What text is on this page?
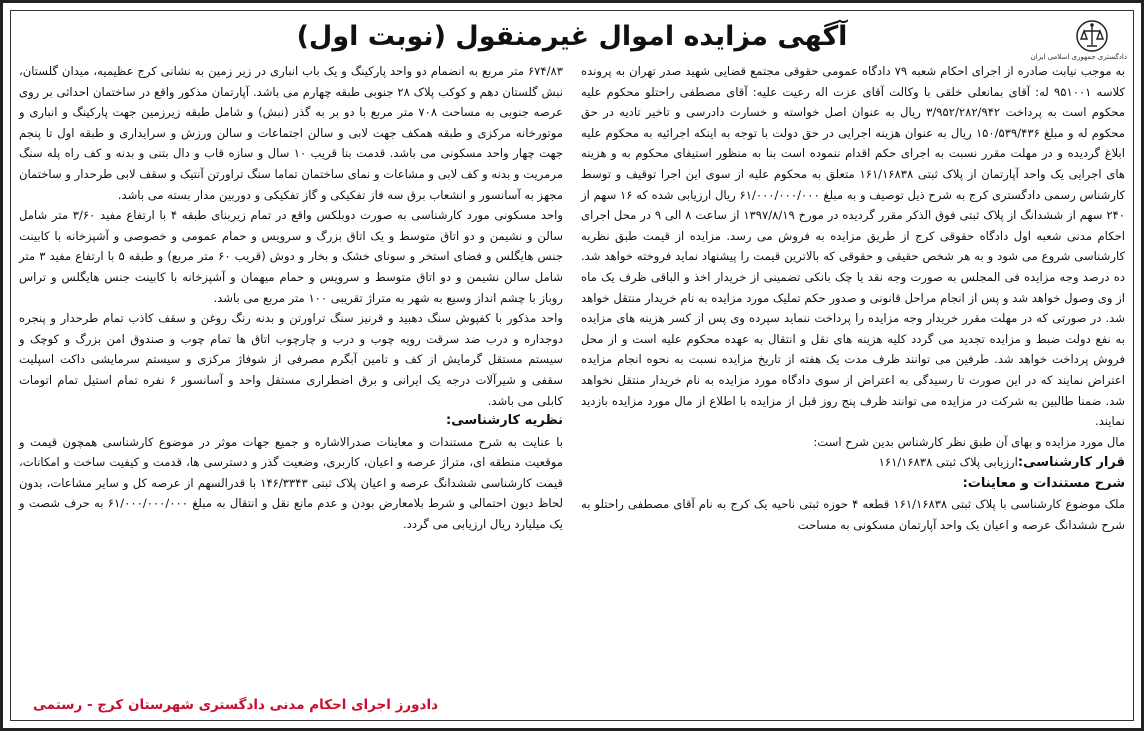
دادگستری جمهوری اسلامی ایران
آگهی مزایده اموال غیرمنقول (نوبت اول)

به موجب نیابت صادره از اجرای احکام شعبه ۷۹ دادگاه عمومی حقوقی مجتمع قضایی شهید صدر تهران به پرونده کلاسه ۹۵۱۰۰۱ له: آقای بمانعلی خلقی با وکالت آقای عزت اله رعیت علیه: آقای مصطفی راحتلو محکوم علیه محکوم است به پرداخت ۳/۹۵۲/۲۸۲/۹۴۲ ریال به عنوان اصل خواسته و خسارت دادرسی و تاخیر تادیه در حق محکوم له و مبلغ ۱۵۰/۵۳۹/۴۳۶ ریال به عنوان هزینه اجرایی در حق دولت با توجه به اینکه اجرائیه به محکوم علیه ابلاغ گردیده و در مهلت مقرر نسبت به اجرای حکم اقدام ننموده است بنا به منظور استیفای محکوم به و هزینه های اجرایی یک واحد آپارتمان از پلاک ثبتی ۱۶۱/۱۶۸۳۸ متعلق به محکوم علیه از سوی این اجرا توقیف و توسط کارشناس رسمی دادگستری کرج به شرح ذیل توصیف و به مبلغ ۶۱/۰۰۰/۰۰۰/۰۰۰ ریال ارزیابی شده که ۱۶ سهم از ۲۴۰ سهم از ششدانگ از پلاک ثبتی فوق الذکر مقرر گردیده در مورخ ۱۳۹۷/۸/۱۹ از ساعت ۸ الی ۹ در محل اجرای احکام مدنی شعبه اول دادگاه حقوقی کرج از طریق مزایده به فروش می رسد. مزایده از قیمت طبق نظریه کارشناسی شروع می شود و به هر شخص حقیقی و حقوقی که بالاترین قیمت را پیشنهاد نماید فروخته خواهد شد. ده درصد وجه مزایده فی المجلس به صورت وجه نقد یا چک بانکی تضمینی از خریدار اخذ و الباقی ظرف یک ماه از وی وصول خواهد شد و پس از انجام مراحل قانونی و صدور حکم تملیک مورد مزایده به نام خریدار منتقل خواهد شد. در صورتی که در مهلت مقرر خریدار وجه مزایده را پرداخت ننماید سپرده وی پس از کسر هزینه های مزایده به نفع دولت ضبط و مزایده تجدید می گردد کلیه هزینه های نقل و انتقال به عهده محکوم علیه است و از محل فروش پرداخت خواهد شد. طرفین می توانند ظرف مدت یک هفته از تاریخ مزایده نسبت به نحوه انجام مزایده اعتراض نمایند که در این صورت تا رسیدگی به اعتراض از سوی دادگاه مورد مزایده به نام خریدار منتقل نخواهد شد. ضمنا طالبین به شرکت در مزایده می توانند ظرف پنج روز قبل از مزایده با اطلاع از مال مورد مزایده بازدید نمایند.

مال مورد مزایده و بهای آن طبق نظر کارشناس بدین شرح است:

قرار کارشناسی:ارزیابی پلاک ثبتی ۱۶۱/۱۶۸۳۸

شرح مستندات و معاینات:

ملک موضوع کارشناسی با پلاک ثبتی ۱۶۱/۱۶۸۳۸ قطعه ۴ حوزه ثبتی ناحیه یک کرج به نام آقای مصطفی راحتلو به شرح ششدانگ عرصه و اعیان یک واحد آپارتمان مسکونی به مساحت

۶۷۴/۸۳ متر مربع به انضمام دو واحد پارکینگ و یک باب انباری در زیر زمین به نشانی کرج عظیمیه، میدان گلستان، نبش گلستان دهم و کوکب پلاک ۲۸ جنوبی طبقه چهارم می باشد. آپارتمان مذکور واقع در ساختمان احداثی بر روی عرصه جنوبی به مساحت ۷۰۸ متر مربع با دو بر به گذر (نبش) و شامل طبقه زیرزمین جهت پارکینگ و انباری و موتورخانه مرکزی و طبقه همکف جهت لابی و سالن اجتماعات و سالن ورزش و سرایداری و طبقه اول تا پنجم جهت چهار واحد مسکونی می باشد. قدمت بنا قریب ۱۰ سال و سازه قاب و دال بتنی و بدنه و کف راه پله سنگ مرمریت و بدنه و کف لابی و مشاعات و نمای ساختمان تماما سنگ تراورتن آنتیک و سقف لابی طرحدار و ساختمان مجهز به آسانسور و انشعاب برق سه فاز تفکیکی و گاز تفکیکی و دوربین مدار بسته می باشد.

واحد مسکونی مورد کارشناسی به صورت دوبلکس واقع در تمام زیربنای طبقه ۴ با ارتفاع مفید ۳/۶۰ متر شامل سالن و نشیمن و دو اتاق متوسط و یک اتاق بزرگ و سرویس و حمام عمومی و خصوصی و آشپزخانه با کابینت جنس هایگلس و فضای استخر و سونای خشک و بخار و دوش (قریب ۶۰ متر مربع) و طبقه ۵ با ارتفاع مفید ۳ متر شامل سالن نشیمن و دو اتاق متوسط و سرویس و حمام میهمان و آشپزخانه با کابینت جنس هایگلس و تراس روباز با چشم انداز وسیع به شهر به متراژ تقریبی ۱۰۰ متر مربع می باشد.

واحد مذکور با کفپوش سنگ دهبید و قرنیز سنگ تراورتن و بدنه رنگ روغن و سقف کاذب تمام طرحدار و پنجره دوجداره و درب ضد سرقت رویه چوب و درب و چارچوب اتاق ها تمام چوب و صندوق امن بزرگ و کوچک و سیستم مستقل گرمایش از کف و تامین آبگرم مصرفی از شوفاژ مرکزی و سیستم سرمایشی داکت اسپلیت سقفی و شیرآلات درجه یک ایرانی و برق اضطراری مستقل واحد و آسانسور ۶ نفره تمام استیل تمام اتومات کابلی می باشد.

نظریه کارشناسی:

با عنایت به شرح مستندات و معاینات صدرالاشاره و جمیع جهات موثر در موضوع کارشناسی همچون قیمت و موقعیت منطقه ای، متراژ عرصه و اعیان، کاربری، وضعیت گذر و دسترسی ها، قدمت و کیفیت ساخت و امکانات، قیمت کارشناسی ششدانگ عرصه و اعیان پلاک ثبتی ۱۴۶/۳۳۴۳ با قدرالسهم از عرصه کل و سایر مشاعات، بدون لحاظ دیون احتمالی و شرط بلامعارض بودن و عدم مانع نقل و انتقال به مبلغ ۶۱/۰۰۰/۰۰۰/۰۰۰ به حرف شصت و یک میلیارد ریال ارزیابی می گردد.

دادورز اجرای احکام مدنی دادگستری شهرستان کرج - رستمی
